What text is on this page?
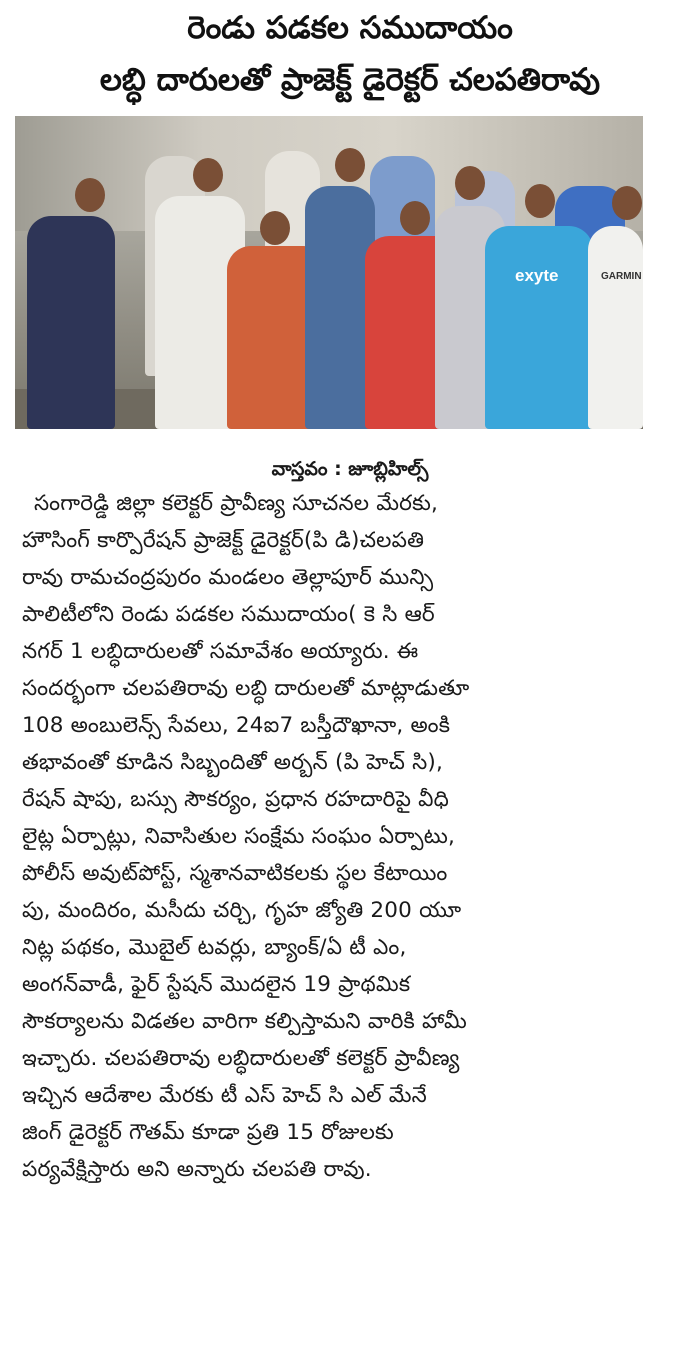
రెండు పడకల సముదాయం
లబ్ధి దారులతో ప్రాజెక్ట్ డైరెక్టర్ చలపతిరావు
exyte	GARMIN
వాస్తవం : జూబ్లిహిల్స్
సంగారెడ్డి జిల్లా కలెక్టర్ ప్రావీణ్య సూచనల మేరకు,
హౌసింగ్ కార్పొరేషన్ ప్రాజెక్ట్ డైరెక్టర్(పి డి)చలపతి
రావు రామచంద్రపురం మండలం తెల్లాపూర్ మున్సి
పాలిటీలోని రెండు పడకల సముదాయం( కె సి ఆర్
నగర్ 1 లబ్ధిదారులతో సమావేశం అయ్యారు. ఈ
సందర్భంగా చలపతిరావు లబ్ధి దారులతో మాట్లాడుతూ
108 అంబులెన్స్ సేవలు, 24ఐ7 బస్తీదౌఖానా, అంకి
తభావంతో కూడిన సిబ్బందితో అర్బన్ (పి హెచ్ సి),
రేషన్ షాపు, బస్సు సౌకర్యం, ప్రధాన రహదారిపై వీధి
లైట్ల ఏర్పాట్లు, నివాసితుల సంక్షేమ సంఘం ఏర్పాటు,
పోలీస్ అవుట్‌పోస్ట్, స్మశానవాటికలకు స్థల కేటాయిం
పు, మందిరం, మసీదు చర్చి, గృహ జ్యోతి 200 యూ
నిట్ల పథకం, మొబైల్ టవర్లు, బ్యాంక్/ఏ టీ ఎం,
అంగన్‌వాడీ, ఫైర్ స్టేషన్ మొదలైన 19 ప్రాథమిక
సౌకర్యాలను విడతల వారిగా కల్పిస్తామని వారికి హామీ
ఇచ్చారు. చలపతిరావు లబ్ధిదారులతో కలెక్టర్ ప్రావీణ్య
ఇచ్చిన ఆదేశాల మేరకు టీ ఎస్ హెచ్ సి ఎల్ మేనే
జింగ్ డైరెక్టర్ గౌతమ్ కూడా ప్రతి 15 రోజులకు
పర్యవేక్షిస్తారు అని అన్నారు చలపతి రావు.
